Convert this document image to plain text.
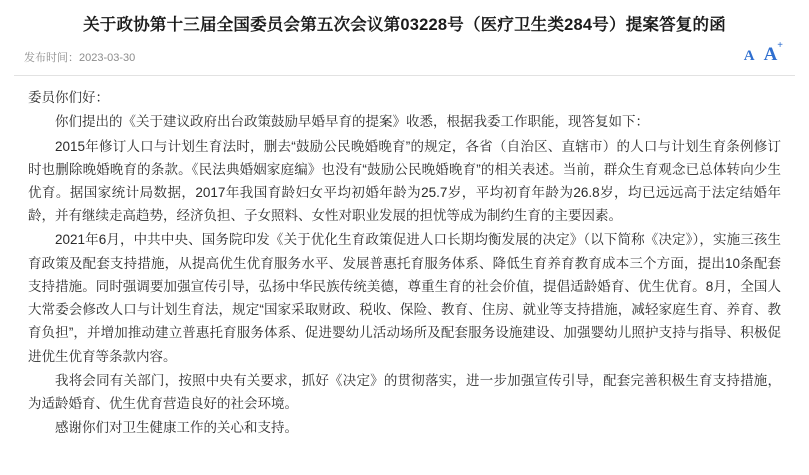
关于政协第十三届全国委员会第五次会议第03228号（医疗卫生类284号）提案答复的函
发布时间：2023-03-30	A A+

委员你们好：

你们提出的《关于建议政府出台政策鼓励早婚早育的提案》收悉，根据我委工作职能，现答复如下：

2015年修订人口与计划生育法时，删去“鼓励公民晚婚晚育”的规定，各省（自治区、直辖市）的人口与计划生育条例修订时也删除晚婚晚育的条款。《民法典婚姻家庭编》也没有“鼓励公民晚婚晚育”的相关表述。当前，群众生育观念已总体转向少生优育。据国家统计局数据，2017年我国育龄妇女平均初婚年龄为25.7岁，平均初育年龄为26.8岁，均已远远高于法定结婚年龄，并有继续走高趋势，经济负担、子女照料、女性对职业发展的担忧等成为制约生育的主要因素。

2021年6月，中共中央、国务院印发《关于优化生育政策促进人口长期均衡发展的决定》（以下简称《决定》），实施三孩生育政策及配套支持措施，从提高优生优育服务水平、发展普惠托育服务体系、降低生育养育教育成本三个方面，提出10条配套支持措施。同时强调要加强宣传引导，弘扬中华民族传统美德，尊重生育的社会价值，提倡适龄婚育、优生优育。8月，全国人大常委会修改人口与计划生育法，规定“国家采取财政、税收、保险、教育、住房、就业等支持措施，减轻家庭生育、养育、教育负担”，并增加推动建立普惠托育服务体系、促进婴幼儿活动场所及配套服务设施建设、加强婴幼儿照护支持与指导、积极促进优生优育等条款内容。

我将会同有关部门，按照中央有关要求，抓好《决定》的贯彻落实，进一步加强宣传引导，配套完善积极生育支持措施，为适龄婚育、优生优育营造良好的社会环境。

感谢你们对卫生健康工作的关心和支持。
